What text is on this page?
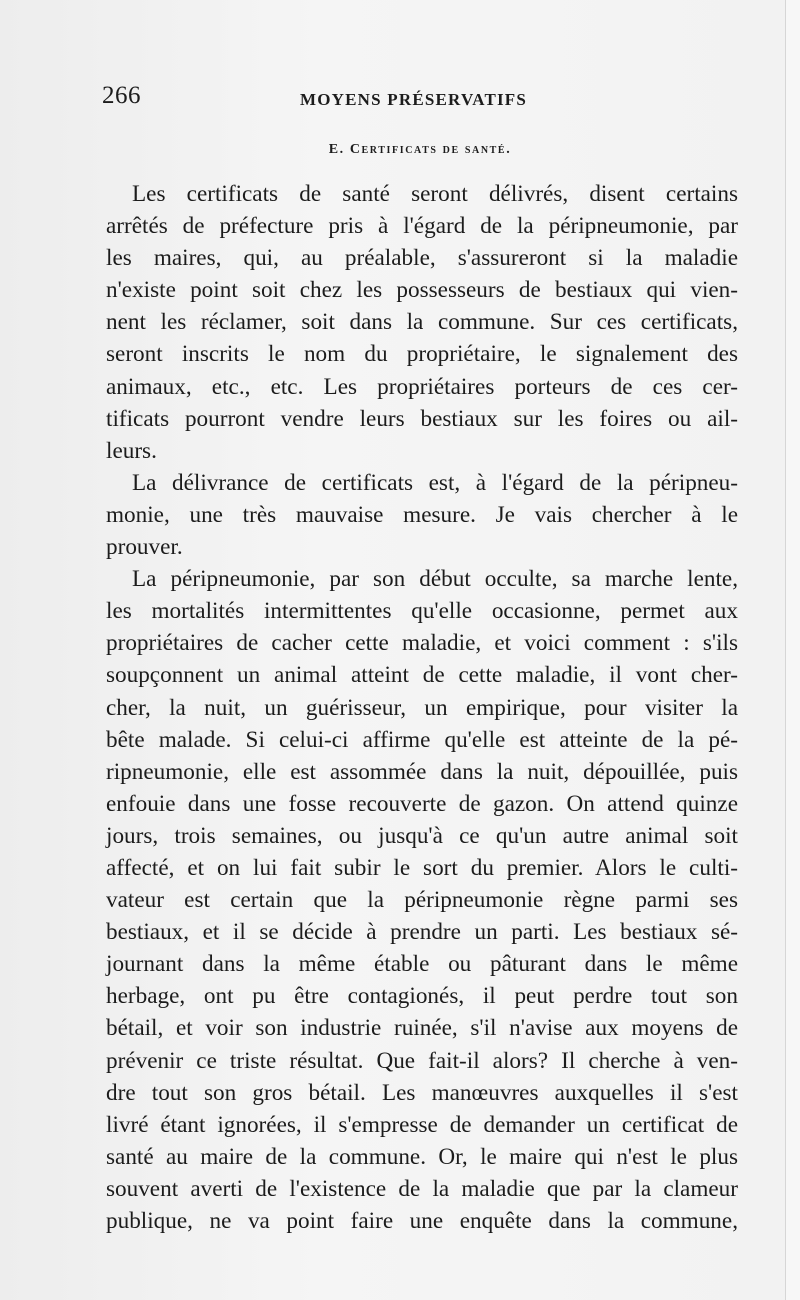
266	MOYENS PRÉSERVATIFS
E. Certificats de santé.
Les certificats de santé seront délivrés, disent certains
arrêtés de préfecture pris à l'égard de la péripneumonie, par
les maires, qui, au préalable, s'assureront si la maladie
n'existe point soit chez les possesseurs de bestiaux qui vien-
nent les réclamer, soit dans la commune. Sur ces certificats,
seront inscrits le nom du propriétaire, le signalement des
animaux, etc., etc. Les propriétaires porteurs de ces cer-
tificats pourront vendre leurs bestiaux sur les foires ou ail-
leurs.
La délivrance de certificats est, à l'égard de la péripneu-
monie, une très mauvaise mesure. Je vais chercher à le
prouver.
La péripneumonie, par son début occulte, sa marche lente,
les mortalités intermittentes qu'elle occasionne, permet aux
propriétaires de cacher cette maladie, et voici comment : s'ils
soupçonnent un animal atteint de cette maladie, il vont cher-
cher, la nuit, un guérisseur, un empirique, pour visiter la
bête malade. Si celui-ci affirme qu'elle est atteinte de la pé-
ripneumonie, elle est assommée dans la nuit, dépouillée, puis
enfouie dans une fosse recouverte de gazon. On attend quinze
jours, trois semaines, ou jusqu'à ce qu'un autre animal soit
affecté, et on lui fait subir le sort du premier. Alors le culti-
vateur est certain que la péripneumonie règne parmi ses
bestiaux, et il se décide à prendre un parti. Les bestiaux sé-
journant dans la même étable ou pâturant dans le même
herbage, ont pu être contagionés, il peut perdre tout son
bétail, et voir son industrie ruinée, s'il n'avise aux moyens de
prévenir ce triste résultat. Que fait-il alors? Il cherche à ven-
dre tout son gros bétail. Les manœuvres auxquelles il s'est
livré étant ignorées, il s'empresse de demander un certificat de
santé au maire de la commune. Or, le maire qui n'est le plus
souvent averti de l'existence de la maladie que par la clameur
publique, ne va point faire une enquête dans la commune,
